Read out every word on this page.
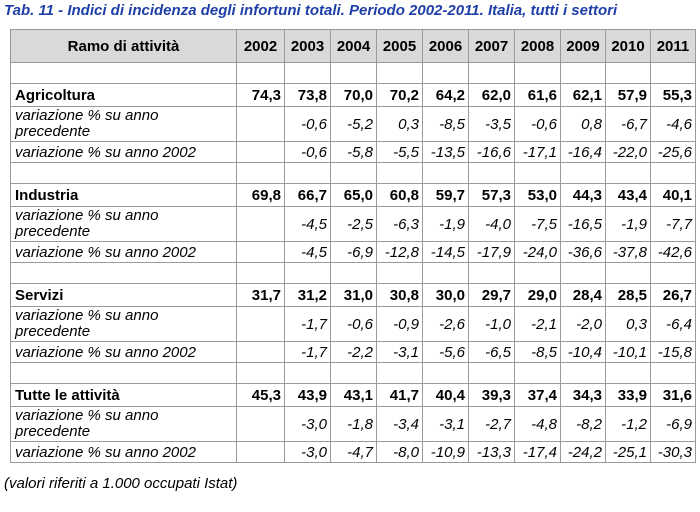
Tab. 11 - Indici di incidenza degli infortuni totali. Periodo 2002-2011. Italia, tutti i settori
Ramo di attività	2002	2003	2004	2005	2006	2007	2008	2009	2010	2011

Agricoltura	74,3	73,8	70,0	70,2	64,2	62,0	61,6	62,1	57,9	55,3
variazione % su anno precedente		-0,6	-5,2	0,3	-8,5	-3,5	-0,6	0,8	-6,7	-4,6
variazione % su anno 2002		-0,6	-5,8	-5,5	-13,5	-16,6	-17,1	-16,4	-22,0	-25,6

Industria	69,8	66,7	65,0	60,8	59,7	57,3	53,0	44,3	43,4	40,1
variazione % su anno precedente		-4,5	-2,5	-6,3	-1,9	-4,0	-7,5	-16,5	-1,9	-7,7
variazione % su anno 2002		-4,5	-6,9	-12,8	-14,5	-17,9	-24,0	-36,6	-37,8	-42,6

Servizi	31,7	31,2	31,0	30,8	30,0	29,7	29,0	28,4	28,5	26,7
variazione % su anno precedente		-1,7	-0,6	-0,9	-2,6	-1,0	-2,1	-2,0	0,3	-6,4
variazione % su anno 2002		-1,7	-2,2	-3,1	-5,6	-6,5	-8,5	-10,4	-10,1	-15,8

Tutte le attività	45,3	43,9	43,1	41,7	40,4	39,3	37,4	34,3	33,9	31,6
variazione % su anno precedente		-3,0	-1,8	-3,4	-3,1	-2,7	-4,8	-8,2	-1,2	-6,9
variazione % su anno 2002		-3,0	-4,7	-8,0	-10,9	-13,3	-17,4	-24,2	-25,1	-30,3
(valori riferiti a 1.000 occupati Istat)
